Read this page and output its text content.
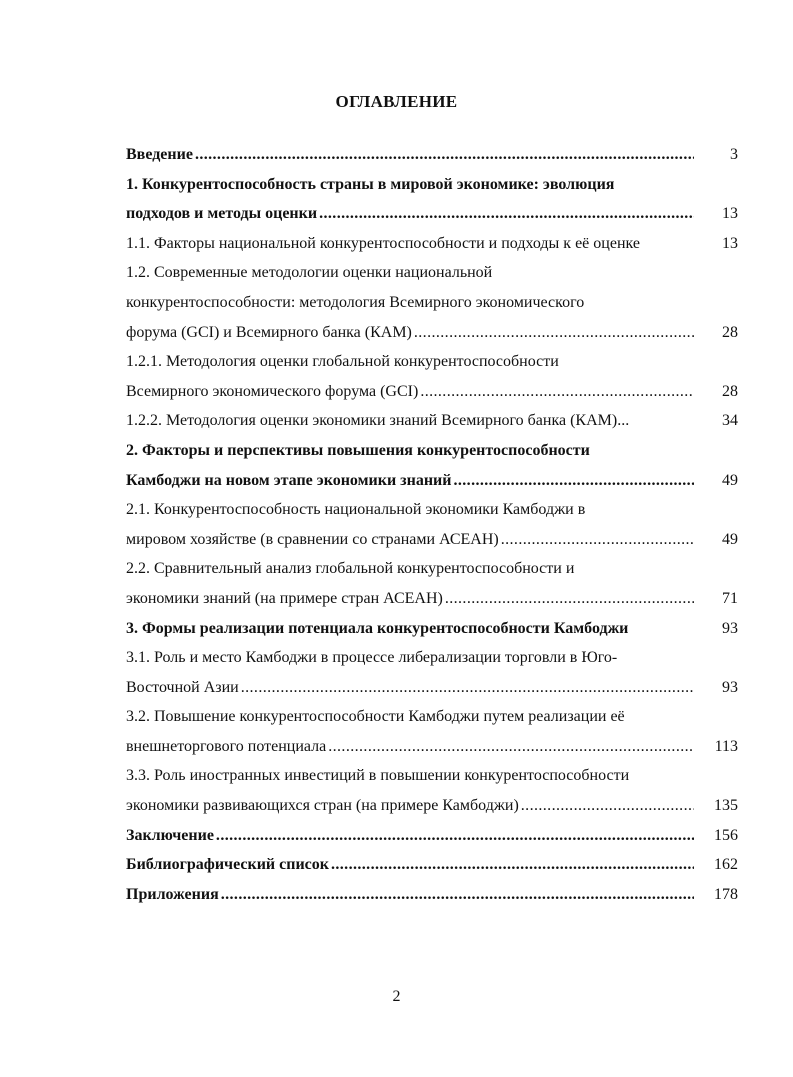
ОГЛАВЛЕНИЕ
Введение .....	3
1. Конкурентоспособность страны в мировой экономике: эволюция
подходов и методы оценки .....	13
1.1. Факторы национальной конкурентоспособности и подходы к её оценке	13
1.2. Современные методологии оценки национальной
конкурентоспособности: методология Всемирного экономического
форума (GCI) и Всемирного банка (КАМ) .....	28
1.2.1. Методология оценки глобальной конкурентоспособности
Всемирного экономического форума (GCI) .....	28
1.2.2. Методология оценки экономики знаний Всемирного банка (КАМ)...	34
2. Факторы и перспективы повышения конкурентоспособности
Камбоджи на новом этапе экономики знаний .....	49
2.1. Конкурентоспособность национальной экономики Камбоджи в
мировом хозяйстве (в сравнении со странами АСЕАН) .....	49
2.2. Сравнительный анализ глобальной конкурентоспособности и
экономики знаний (на примере стран АСЕАН) .....	71
3. Формы реализации потенциала конкурентоспособности Камбоджи	93
3.1. Роль и место Камбоджи в процессе либерализации торговли в Юго-
Восточной Азии .....	93
3.2. Повышение конкурентоспособности Камбоджи путем реализации её
внешнеторгового потенциала .....	113
3.3. Роль иностранных инвестиций в повышении конкурентоспособности
экономики развивающихся стран (на примере Камбоджи) .....	135
Заключение .....	156
Библиографический список .....	162
Приложения .....	178
2
